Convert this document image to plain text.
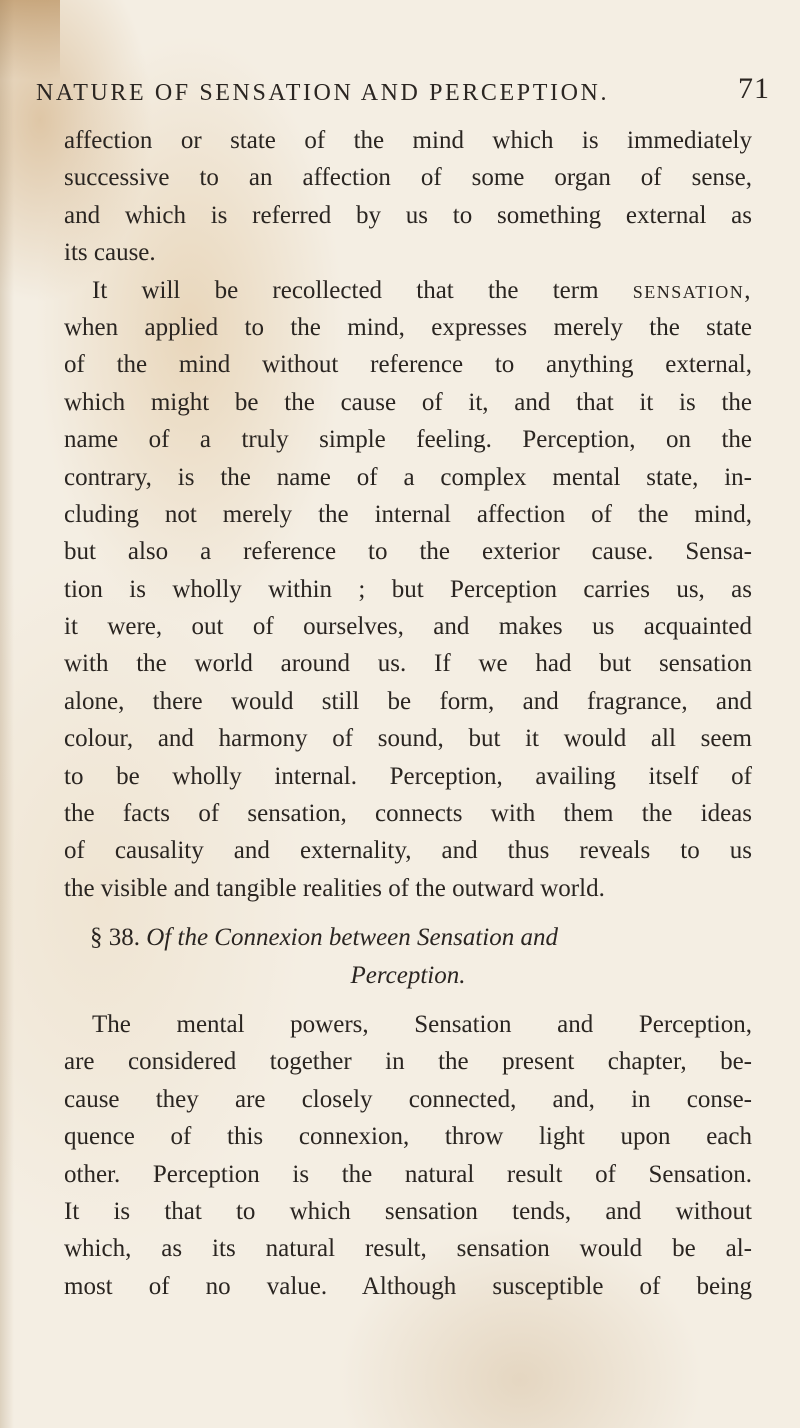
NATURE OF SENSATION AND PERCEPTION.	71
affection or state of the mind which is immediately
successive to an affection of some organ of sense,
and which is referred by us to something external as
its cause.
It will be recollected that the term sensation,
when applied to the mind, expresses merely the state
of the mind without reference to anything external,
which might be the cause of it, and that it is the
name of a truly simple feeling. Perception, on the
contrary, is the name of a complex mental state, in-
cluding not merely the internal affection of the mind,
but also a reference to the exterior cause. Sensa-
tion is wholly within ; but Perception carries us, as
it were, out of ourselves, and makes us acquainted
with the world around us. If we had but sensation
alone, there would still be form, and fragrance, and
colour, and harmony of sound, but it would all seem
to be wholly internal. Perception, availing itself of
the facts of sensation, connects with them the ideas
of causality and externality, and thus reveals to us
the visible and tangible realities of the outward world.
§ 38. Of the Connexion between Sensation and
Perception.
The mental powers, Sensation and Perception,
are considered together in the present chapter, be-
cause they are closely connected, and, in conse-
quence of this connexion, throw light upon each
other. Perception is the natural result of Sensation.
It is that to which sensation tends, and without
which, as its natural result, sensation would be al-
most of no value. Although susceptible of being
